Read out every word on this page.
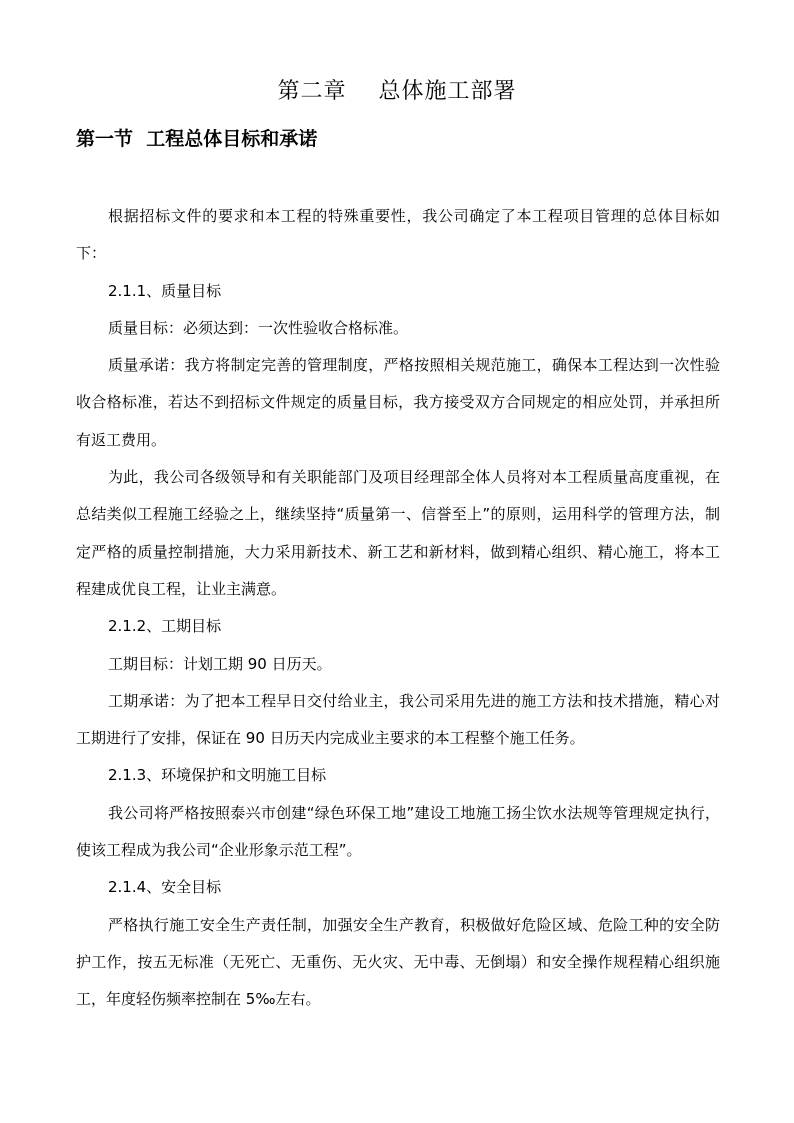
第二章    总体施工部署
第一节  工程总体目标和承诺

根据招标文件的要求和本工程的特殊重要性，我公司确定了本工程项目管理的总体目标如下：

2.1.1、质量目标

质量目标：必须达到：一次性验收合格标准。

质量承诺：我方将制定完善的管理制度，严格按照相关规范施工，确保本工程达到一次性验收合格标准，若达不到招标文件规定的质量目标，我方接受双方合同规定的相应处罚，并承担所有返工费用。

为此，我公司各级领导和有关职能部门及项目经理部全体人员将对本工程质量高度重视，在总结类似工程施工经验之上，继续坚持“质量第一、信誉至上”的原则，运用科学的管理方法，制定严格的质量控制措施，大力采用新技术、新工艺和新材料，做到精心组织、精心施工，将本工程建成优良工程，让业主满意。

2.1.2、工期目标

工期目标：计划工期 90 日历天。

工期承诺：为了把本工程早日交付给业主，我公司采用先进的施工方法和技术措施，精心对工期进行了安排，保证在 90 日历天内完成业主要求的本工程整个施工任务。

2.1.3、环境保护和文明施工目标

我公司将严格按照泰兴市创建“绿色环保工地”建设工地施工扬尘饮水法规等管理规定执行，使该工程成为我公司“企业形象示范工程”。

2.1.4、安全目标

严格执行施工安全生产责任制，加强安全生产教育，积极做好危险区域、危险工种的安全防护工作，按五无标准（无死亡、无重伤、无火灾、无中毒、无倒塌）和安全操作规程精心组织施工，年度轻伤频率控制在 5‰左右。
